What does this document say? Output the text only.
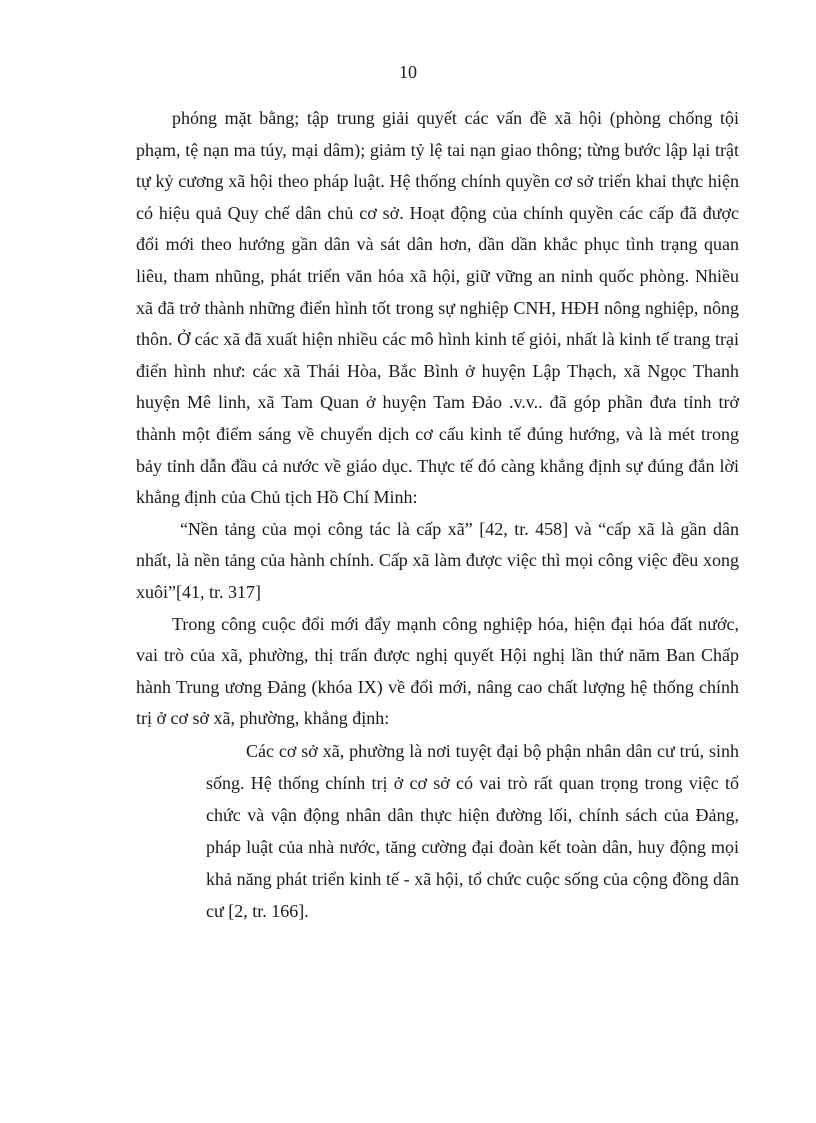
10

phóng mặt bằng; tập trung giải quyết các vấn đề xã hội (phòng chống tội phạm, tệ nạn ma túy, mại dâm); giảm tỷ lệ tai nạn giao thông; từng bước lập lại trật tự kỷ cương xã hội theo pháp luật. Hệ thống chính quyền cơ sở triển khai thực hiện có hiệu quả Quy chế dân chủ cơ sở. Hoạt động của chính quyền các cấp đã được đổi mới theo hướng gần dân và sát dân hơn, dần dần khắc phục tình trạng quan liêu, tham nhũng, phát triển văn hóa xã hội, giữ vững an ninh quốc phòng. Nhiều xã đã trở thành những điển hình tốt trong sự nghiệp CNH, HĐH nông nghiệp, nông thôn. Ở các xã đã xuất hiện nhiều các mô hình kinh tế giỏi, nhất là kinh tế trang trại điển hình như: các xã Thái Hòa, Bắc Bình ở huyện Lập Thạch, xã Ngọc Thanh huyện Mê linh, xã Tam Quan ở huyện Tam Đảo .v.v.. đã góp phần đưa tỉnh trở thành một điểm sáng về chuyển dịch cơ cấu kinh tế đúng hướng, và là mét trong bảy tỉnh dẫn đầu cả nước về giáo dục. Thực tế đó càng khẳng định sự đúng đắn lời khẳng định của Chủ tịch Hồ Chí Minh:

“Nền tảng của mọi công tác là cấp xã” [42, tr. 458] và “cấp xã là gần dân nhất, là nền tảng của hành chính. Cấp xã làm được việc thì mọi công việc đều xong xuôi”[41, tr. 317]

Trong công cuộc đổi mới đẩy mạnh công nghiệp hóa, hiện đại hóa đất nước, vai trò của xã, phường, thị trấn được nghị quyết Hội nghị lần thứ năm Ban Chấp hành Trung ương Đảng (khóa IX) về đổi mới, nâng cao chất lượng hệ thống chính trị ở cơ sở xã, phường, khẳng định:

Các cơ sở xã, phường là nơi tuyệt đại bộ phận nhân dân cư trú, sinh sống. Hệ thống chính trị ở cơ sở có vai trò rất quan trọng trong việc tổ chức và vận động nhân dân thực hiện đường lối, chính sách của Đảng, pháp luật của nhà nước, tăng cường đại đoàn kết toàn dân, huy động mọi khả năng phát triển kinh tế - xã hội, tổ chức cuộc sống của cộng đồng dân cư [2, tr. 166].
